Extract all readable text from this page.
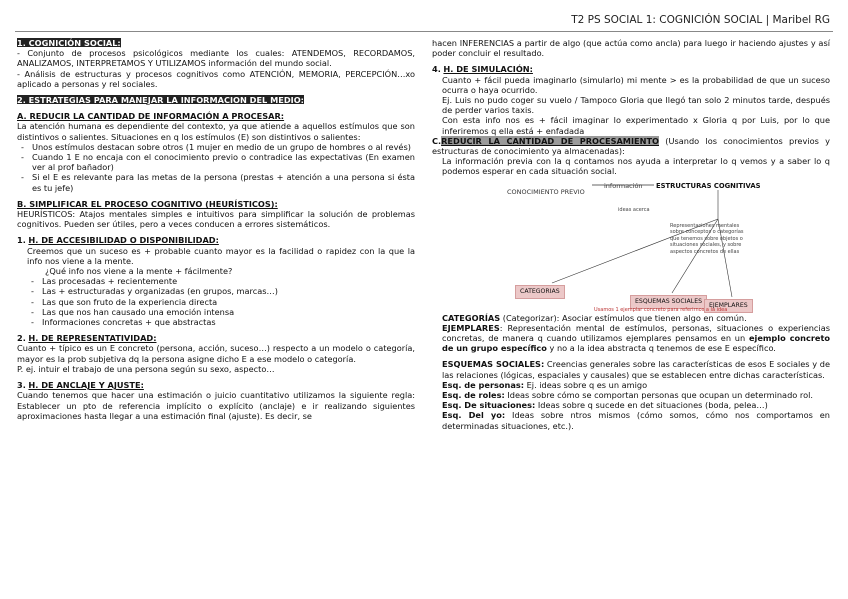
T2 PS SOCIAL 1: COGNICIÓN SOCIAL | Maribel RG

1. COGNICIÓN SOCIAL:

- Conjunto de procesos psicológicos mediante los cuales: ATENDEMOS, RECORDAMOS, ANALIZAMOS, INTERPRETAMOS Y UTILIZAMOS información del mundo social.

- Análisis de estructuras y procesos cognitivos como ATENCIÓN, MEMORIA, PERCEPCIÓN…xo aplicado a personas y rel sociales.

2. ESTRATEGIAS PARA MANEJAR LA INFORMACION DEL MEDIO:

A. REDUCIR LA CANTIDAD DE INFORMACIÓN A PROCESAR:

La atención humana es dependiente del contexto, ya que atiende a aquellos estímulos que son distintivos o salientes. Situaciones en q los estímulos (E) son distintivos o salientes:

- Unos estímulos destacan sobre otros (1 mujer en medio de un grupo de hombres o al revés)
- Cuando 1 E no encaja con el conocimiento previo o contradice las expectativas (En examen ver al prof bañador)
- Si el E es relevante para las metas de la persona (prestas + atención a una persona si ésta es tu jefe)

B. SIMPLIFICAR EL PROCESO COGNITIVO (HEURÍSTICOS):

HEURÍSTICOS: Atajos mentales simples e intuitivos para simplificar la solución de problemas cognitivos. Pueden ser útiles, pero a veces conducen a errores sistemáticos.

1. H. DE ACCESIBILIDAD O DISPONIBILIDAD:

Creemos que un suceso es + probable cuanto mayor es la facilidad o rapidez con la que la info nos viene a la mente.

¿Qué info nos viene a la mente + fácilmente?

- Las procesadas + recientemente
- Las + estructuradas y organizadas (en grupos, marcas…)
- Las que son fruto de la experiencia directa
- Las que nos han causado una emoción intensa
- Informaciones concretas + que abstractas

2. H. DE REPRESENTATIVIDAD:

Cuanto + típico es un E concreto (persona, acción, suceso…) respecto a un modelo o categoría, mayor es la prob subjetiva dq la persona asigne dicho E a ese modelo o categoría.

P. ej. intuir el trabajo de una persona según su sexo, aspecto…

3. H. DE ANCLAJE Y AJUSTE:

Cuando tenemos que hacer una estimación o juicio cuantitativo utilizamos la siguiente regla: Establecer un pto de referencia implícito o explícito (anclaje) e ir realizando siguientes aproximaciones hasta llegar a una estimación final (ajuste). Es decir, se

hacen INFERENCIAS a partir de algo (que actúa como ancla) para luego ir haciendo ajustes y así poder concluir el resultado.

4. H. DE SIMULACIÓN:

Cuanto + fácil pueda imaginarlo (simularlo) mi mente > es la probabilidad de que un suceso ocurra o haya ocurrido.

Ej. Luis no pudo coger su vuelo / Tampoco Gloria que llegó tan solo 2 minutos tarde, después de perder varios taxis.

Con esta info nos es + fácil imaginar lo experimentado x Gloria q por Luis, por lo que inferiremos q ella está + enfadada

C.REDUCIR LA CANTIDAD DE PROCESAMIENTO (Usando los conocimientos previos y estructuras de conocimiento ya almacenadas):

La información previa con la q contamos nos ayuda a interpretar lo q vemos y a saber lo q podemos esperar en cada situación social.

CONOCIMIENTO PREVIO
información ESTRUCTURAS COGNITIVAS
ideas acerca
Representaciones mentales sobre conceptos o categorías que tenemos sobre objetos o situaciones sociales, y sobre aspectos concretos de ellas
CATEGORIAS
ESQUEMAS SOCIALES
EJEMPLARES
Usamos 1 ejemplar concreto para referirnos a la idea

CATEGORÍAS (Categorizar): Asociar estímulos que tienen algo en común.

EJEMPLARES: Representación mental de estímulos, personas, situaciones o experiencias concretas, de manera q cuando utilizamos ejemplares pensamos en un ejemplo concreto de un grupo específico y no a la idea abstracta q tenemos de ese E específico.

ESQUEMAS SOCIALES: Creencias generales sobre las características de esos E sociales y de las relaciones (lógicas, espaciales y causales) que se establecen entre dichas características.

Esq. de personas: Ej. ideas sobre q es un amigo

Esq. de roles: Ideas sobre cómo se comportan personas que ocupan un determinado rol.

Esq. De situaciones: Ideas sobre q sucede en det situaciones (boda, pelea…)

Esq. Del yo: Ideas sobre ntros mismos (cómo somos, cómo nos comportamos en determinadas situaciones, etc.).
